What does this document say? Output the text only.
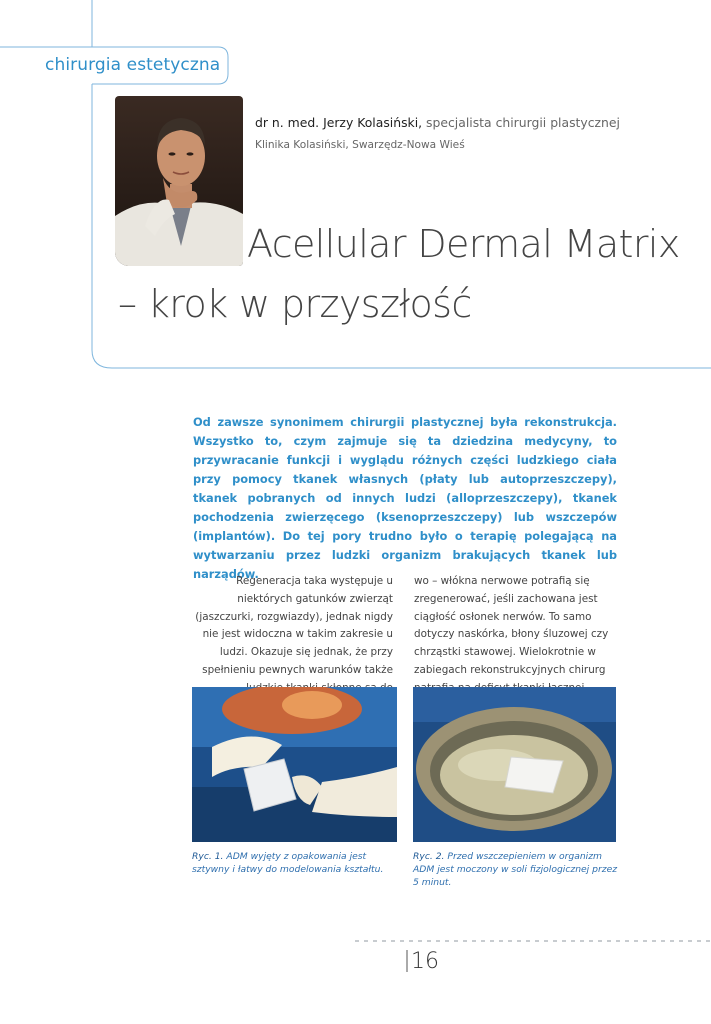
chirurgia estetyczna
dr n. med. Jerzy Kolasiński, specjalista chirurgii plastycznej
Klinika Kolasiński, Swarzędz-Nowa Wieś
Acellular Dermal Matrix
– krok w przyszłość
Od zawsze synonimem chirurgii plastycznej była rekonstrukcja. Wszystko to, czym zajmuje się ta dziedzina medycyny, to przywracanie funkcji i wyglądu różnych części ludzkiego ciała przy pomocy tkanek własnych (płaty lub autoprzeszczepy), tkanek pobranych od innych ludzi (alloprzeszczepy), tkanek pochodzenia zwierzęcego (ksenoprzeszczepy) lub wszczepów (implantów). Do tej pory trudno było o terapię polegającą na wytwarzaniu przez ludzki organizm brakujących tkanek lub narządów.
Regeneracja taka występuje u niektórych gatunków zwierząt (jaszczurki, rozgwiazdy), jednak nigdy nie jest widoczna w takim zakresie u ludzi. Okazuje się jednak, że przy spełnieniu pewnych warunków także
wo – włókna nerwowe potrafią się zregenerować, jeśli zachowana jest ciągłość osłonek nerwów. To samo dotyczy naskórka, błony śluzowej czy chrząstki stawowej. Wielokrotnie w zabiegach rekonstrukcyjnych chirurg
Ryc. 1. ADM wyjęty z opakowania jest sztywny i łatwy do modelowania kształtu.
Ryc. 2. Przed wszczepieniem w organizm ADM jest moczony w soli fizjologicznej przez 5 minut.
16
